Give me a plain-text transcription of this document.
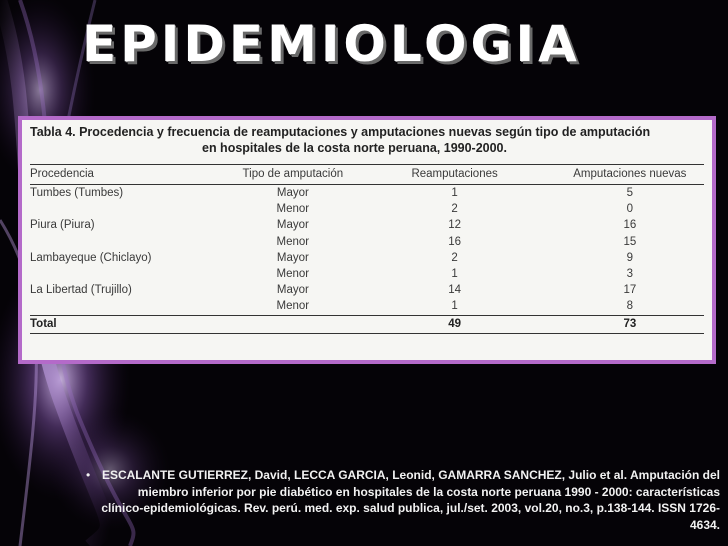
EPIDEMIOLOGIA
Tabla 4. Procedencia y frecuencia de reamputaciones y amputaciones nuevas según tipo de amputación
en hospitales de la costa norte peruana, 1990-2000.
Procedencia	Tipo de amputación	Reamputaciones	Amputaciones nuevas
Tumbes (Tumbes)	Mayor	1	5
	Menor	2	0
Piura (Piura)	Mayor	12	16
	Menor	16	15
Lambayeque (Chiclayo)	Mayor	2	9
	Menor	1	3
La Libertad (Trujillo)	Mayor	14	17
	Menor	1	8
Total		49	73
• ESCALANTE GUTIERREZ, David, LECCA GARCIA, Leonid, GAMARRA SANCHEZ, Julio et al. Amputación del miembro inferior por pie diabético en hospitales de la costa norte peruana 1990 - 2000: características clínico-epidemiológicas. Rev. perú. med. exp. salud publica, jul./set. 2003, vol.20, no.3, p.138-144. ISSN 1726-4634.
